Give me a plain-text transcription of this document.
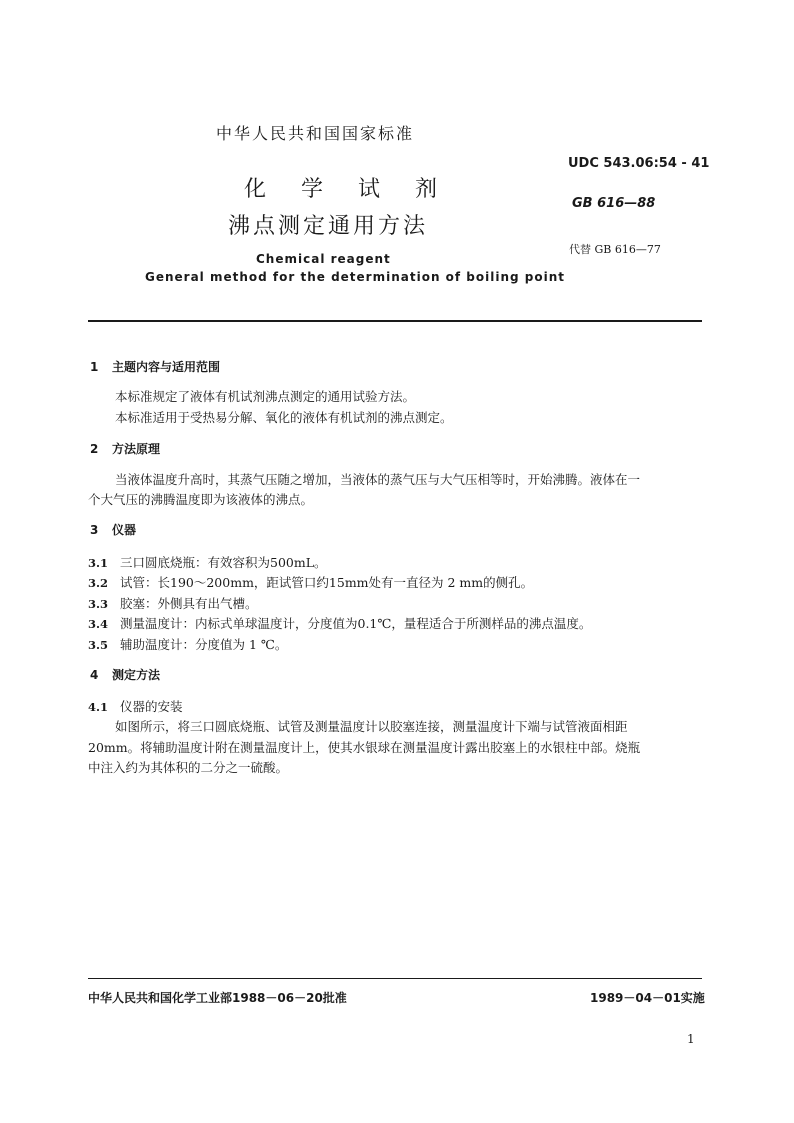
中华人民共和国国家标准
UDC 543.06:54 - 41
化 学 试 剂
沸点测定通用方法
GB 616—88
代替 GB 616—77
Chemical reagent
General method for the determination of boiling point
1 主题内容与适用范围
本标准规定了液体有机试剂沸点测定的通用试验方法。
本标准适用于受热易分解、氧化的液体有机试剂的沸点测定。
2 方法原理
当液体温度升高时，其蒸气压随之增加，当液体的蒸气压与大气压相等时，开始沸腾。液体在一
个大气压的沸腾温度即为该液体的沸点。
3 仪器
3.1 三口圆底烧瓶：有效容积为500mL。
3.2 试管：长190～200mm，距试管口约15mm处有一直径为 2 mm的侧孔。
3.3 胶塞：外侧具有出气槽。
3.4 测量温度计：内标式单球温度计，分度值为0.1℃，量程适合于所测样品的沸点温度。
3.5 辅助温度计：分度值为 1 ℃。
4 测定方法
4.1 仪器的安装
如图所示，将三口圆底烧瓶、试管及测量温度计以胶塞连接，测量温度计下端与试管液面相距
20mm。将辅助温度计附在测量温度计上，使其水银球在测量温度计露出胶塞上的水银柱中部。烧瓶
中注入约为其体积的二分之一硫酸。
中华人民共和国化学工业部1988－06－20批准	1989－04－01实施
1
